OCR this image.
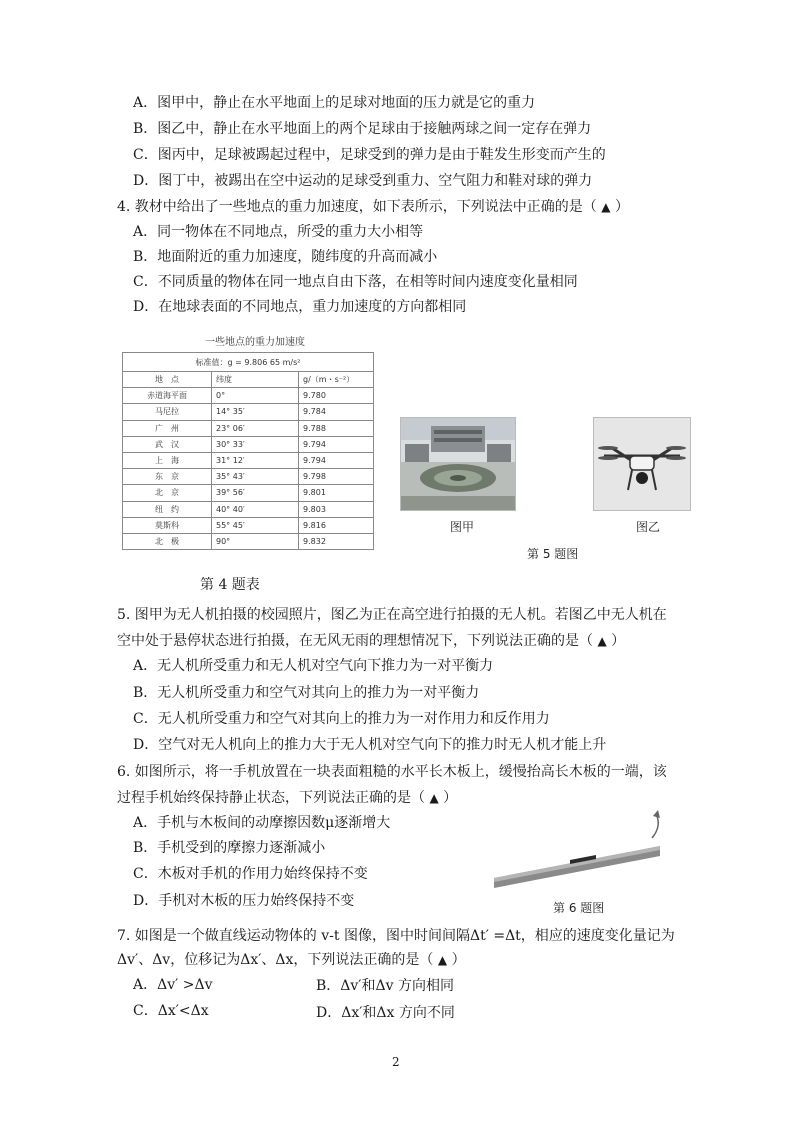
A．图甲中，静止在水平地面上的足球对地面的压力就是它的重力
B．图乙中，静止在水平地面上的两个足球由于接触两球之间一定存在弹力
C．图丙中，足球被踢起过程中，足球受到的弹力是由于鞋发生形变而产生的
D．图丁中，被踢出在空中运动的足球受到重力、空气阻力和鞋对球的弹力
4. 教材中给出了一些地点的重力加速度，如下表所示，下列说法中正确的是（ ▲ ）
A．同一物体在不同地点，所受的重力大小相等
B．地面附近的重力加速度，随纬度的升高而减小
C．不同质量的物体在同一地点自由下落，在相等时间内速度变化量相同
D．在地球表面的不同地点，重力加速度的方向都相同
一些地点的重力加速度
标准值：g = 9.806 65 m/s²		
地　点	纬度	g/（m・s⁻²）
赤道海平面	0°	9.780
马尼拉	14° 35′	9.784
广　州	23° 06′	9.788
武　汉	30° 33′	9.794
上　海	31° 12′	9.794
东　京	35° 43′	9.798
北　京	39° 56′	9.801
纽　约	40° 40′	9.803
莫斯科	55° 45′	9.816
北　极	90°	9.832
第 4 题表
图甲	图乙
第 5 题图
5. 图甲为无人机拍摄的校园照片，图乙为正在高空进行拍摄的无人机。若图乙中无人机在
空中处于悬停状态进行拍摄，在无风无雨的理想情况下，下列说法正确的是（ ▲ ）
A．无人机所受重力和无人机对空气向下推力为一对平衡力
B．无人机所受重力和空气对其向上的推力为一对平衡力
C．无人机所受重力和空气对其向上的推力为一对作用力和反作用力
D．空气对无人机向上的推力大于无人机对空气向下的推力时无人机才能上升
6. 如图所示，将一手机放置在一块表面粗糙的水平长木板上，缓慢抬高长木板的一端，该
过程手机始终保持静止状态，下列说法正确的是（ ▲ ）
A．手机与木板间的动摩擦因数μ逐渐增大
B．手机受到的摩擦力逐渐减小
C．木板对手机的作用力始终保持不变
D．手机对木板的压力始终保持不变	第 6 题图
7. 如图是一个做直线运动物体的 v-t 图像，图中时间间隔Δt′ =Δt，相应的速度变化量记为
Δv′、Δv，位移记为Δx′、Δx，下列说法正确的是（ ▲ ）
A．Δv′ >Δv	B．Δv′和Δv 方向相同
C．Δx′<Δx	D．Δx′和Δx 方向不同
2
